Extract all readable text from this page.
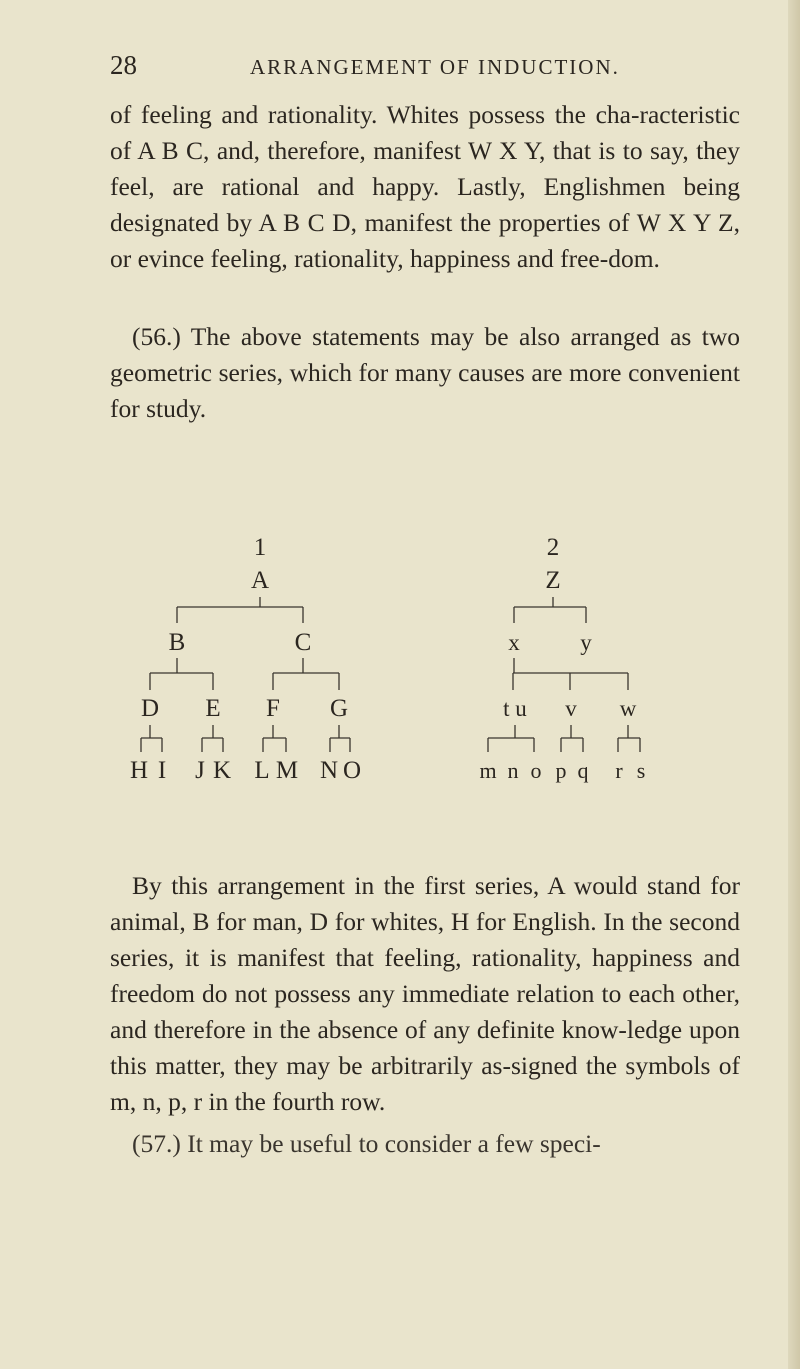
28	ARRANGEMENT OF INDUCTION.

of feeling and rationality. Whites possess the cha-racteristic of A B C, and, therefore, manifest W X Y, that is to say, they feel, are rational and happy. Lastly, Englishmen being designated by A B C D, manifest the properties of W X Y Z, or evince feeling, rationality, happiness and free-dom.

(56.) The above statements may be also arranged as two geometric series, which for many causes are more convenient for study.

1
A
B	C
D E F G
H I J K L M N O
2
Z
x	y
t u v w
m n o p q r s

By this arrangement in the first series, A would stand for animal, B for man, D for whites, H for English. In the second series, it is manifest that feeling, rationality, happiness and freedom do not possess any immediate relation to each other, and therefore in the absence of any definite know-ledge upon this matter, they may be arbitrarily as-signed the symbols of m, n, p, r in the fourth row.

(57.) It may be useful to consider a few speci-
